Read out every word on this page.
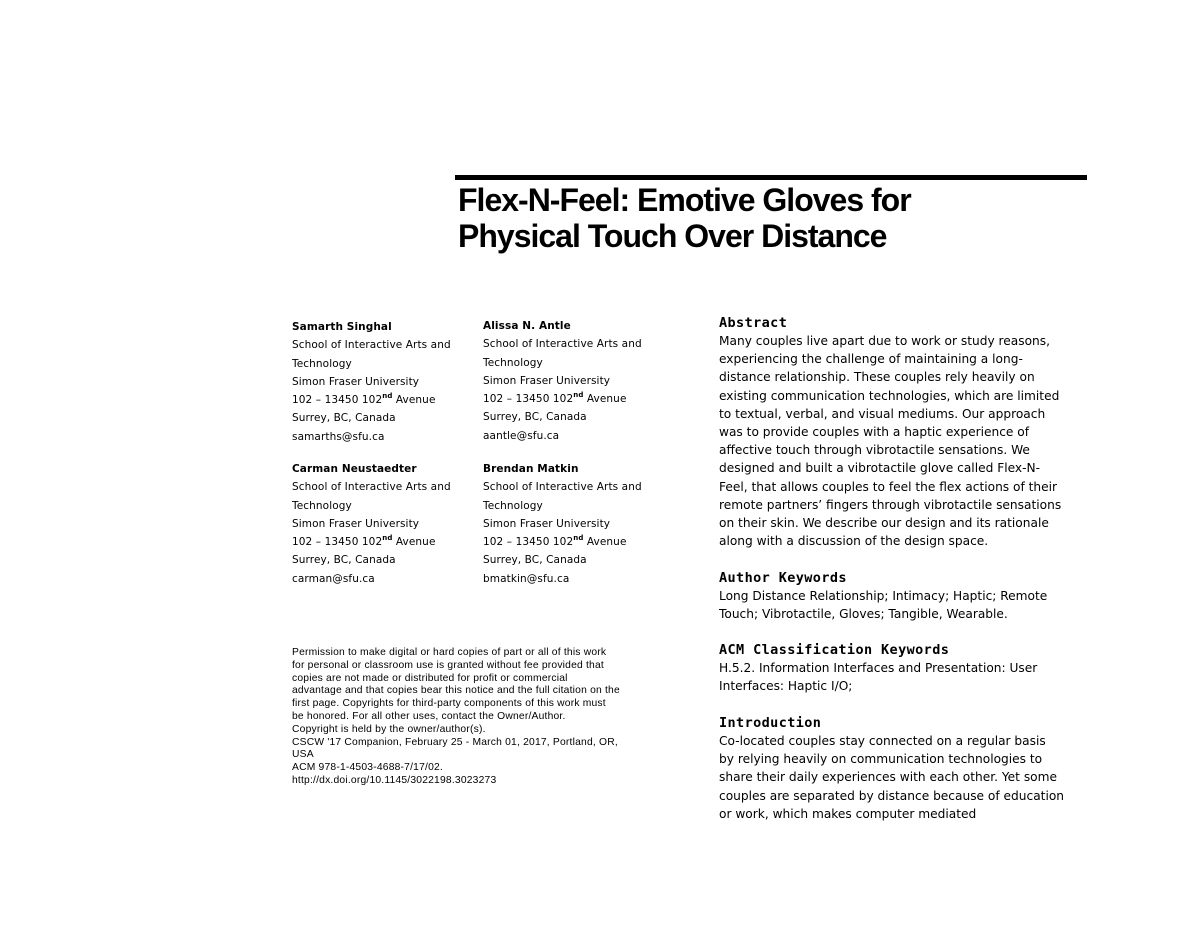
Flex-N-Feel: Emotive Gloves for
Physical Touch Over Distance
Samarth Singhal
School of Interactive Arts and
Technology
Simon Fraser University
102 – 13450 102nd Avenue
Surrey, BC, Canada
samarths@sfu.ca
Alissa N. Antle
School of Interactive Arts and
Technology
Simon Fraser University
102 – 13450 102nd Avenue
Surrey, BC, Canada
aantle@sfu.ca
Carman Neustaedter
School of Interactive Arts and
Technology
Simon Fraser University
102 – 13450 102nd Avenue
Surrey, BC, Canada
carman@sfu.ca
Brendan Matkin
School of Interactive Arts and
Technology
Simon Fraser University
102 – 13450 102nd Avenue
Surrey, BC, Canada
bmatkin@sfu.ca
Permission to make digital or hard copies of part or all of this work
for personal or classroom use is granted without fee provided that
copies are not made or distributed for profit or commercial
advantage and that copies bear this notice and the full citation on the
first page. Copyrights for third-party components of this work must
be honored. For all other uses, contact the Owner/Author.
Copyright is held by the owner/author(s).
CSCW '17 Companion, February 25 - March 01, 2017, Portland, OR,
USA
ACM 978-1-4503-4688-7/17/02.
http://dx.doi.org/10.1145/3022198.3023273
Abstract
Many couples live apart due to work or study reasons,
experiencing the challenge of maintaining a long-
distance relationship. These couples rely heavily on
existing communication technologies, which are limited
to textual, verbal, and visual mediums. Our approach
was to provide couples with a haptic experience of
affective touch through vibrotactile sensations. We
designed and built a vibrotactile glove called Flex-N-
Feel, that allows couples to feel the flex actions of their
remote partners’ fingers through vibrotactile sensations
on their skin. We describe our design and its rationale
along with a discussion of the design space.
Author Keywords
Long Distance Relationship; Intimacy; Haptic; Remote
Touch; Vibrotactile, Gloves; Tangible, Wearable.
ACM Classification Keywords
H.5.2. Information Interfaces and Presentation: User
Interfaces: Haptic I/O;
Introduction
Co-located couples stay connected on a regular basis
by relying heavily on communication technologies to
share their daily experiences with each other. Yet some
couples are separated by distance because of education
or work, which makes computer mediated
